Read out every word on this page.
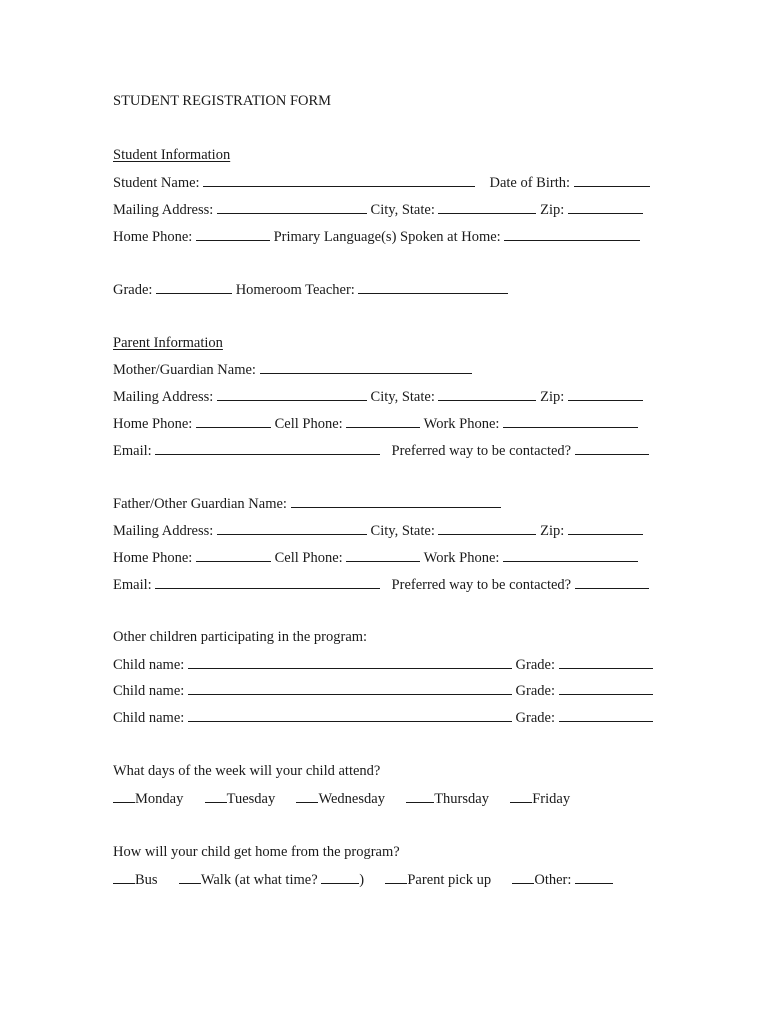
STUDENT REGISTRATION FORM
Student Information
Student Name:	Date of Birth:
Mailing Address:	City, State:	Zip:
Home Phone:	Primary Language(s) Spoken at Home:
Grade:	Homeroom Teacher:
Parent Information
Mother/Guardian Name:
Mailing Address:	City, State:	Zip:
Home Phone:	Cell Phone:	Work Phone:
Email:	Preferred way to be contacted?
Father/Other Guardian Name:
Mailing Address:	City, State:	Zip:
Home Phone:	Cell Phone:	Work Phone:
Email:	Preferred way to be contacted?
Other children participating in the program:
Child name:	Grade:
Child name:	Grade:
Child name:	Grade:
What days of the week will your child attend?
Monday	Tuesday	Wednesday	Thursday	Friday
How will your child get home from the program?
Bus	Walk (at what time?	)	Parent pick up	Other:
